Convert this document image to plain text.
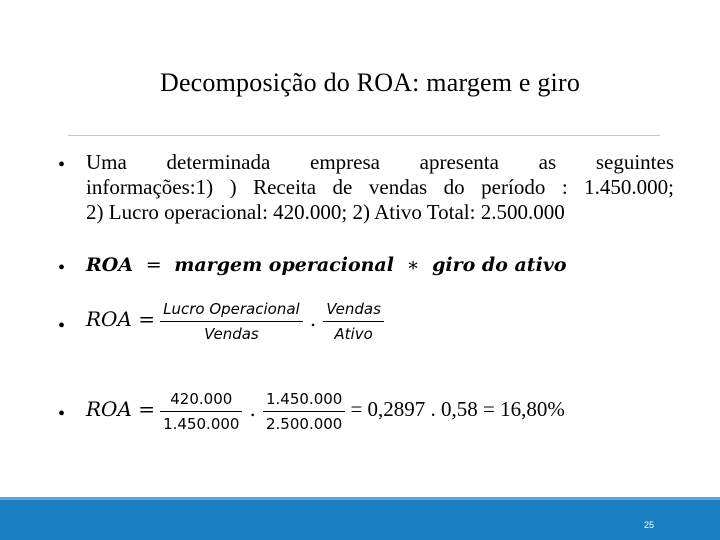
Decomposição do ROA: margem e giro
• Uma determinada empresa apresenta as seguintes
informações:1) ) Receita de vendas do período : 1.450.000;
2) Lucro operacional: 420.000; 2) Ativo Total: 2.500.000
• ROA = margem operacional ∗ giro do ativo
• ROA = $\frac{\text{Lucro Operacional}}{\text{Vendas}}$ . $\frac{\text{Vendas}}{\text{Ativo}}$
• ROA = $\frac{420.000}{1.450.000}$ . $\frac{1.450.000}{2.500.000} = 0,2897$ . 0,58 = 16,80%
25
